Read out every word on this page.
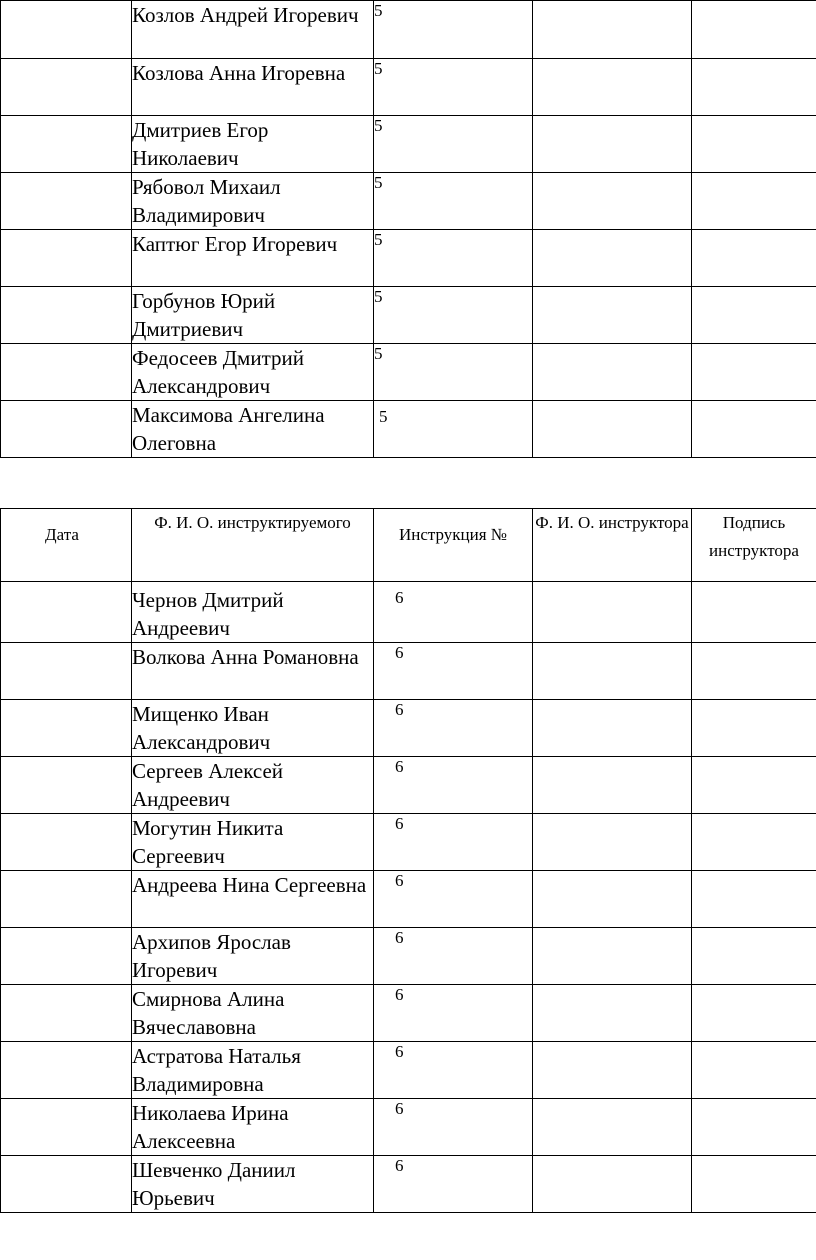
	Козлов Андрей Игоревич	5		
	Козлова Анна Игоревна	5		
	Дмитриев Егор Николаевич	5		
	Рябовол Михаил Владимирович	5		
	Каптюг Егор Игоревич	5		
	Горбунов Юрий Дмитриевич	5		
	Федосеев Дмитрий Александрович	5		
	Максимова Ангелина Олеговна	5		
Дата	Ф. И. О. инструктируемого	Инструкция №	Ф. И. О. инструктора	Подпись инструктора
	Чернов Дмитрий Андреевич	6		
	Волкова Анна Романовна	6		
	Мищенко Иван Александрович	6		
	Сергеев Алексей Андреевич	6		
	Могутин Никита Сергеевич	6		
	Андреева Нина Сергеевна	6		
	Архипов Ярослав Игоревич	6		
	Смирнова Алина Вячеславовна	6		
	Астратова Наталья Владимировна	6		
	Николаева Ирина Алексеевна	6		
	Шевченко Даниил Юрьевич	6		
